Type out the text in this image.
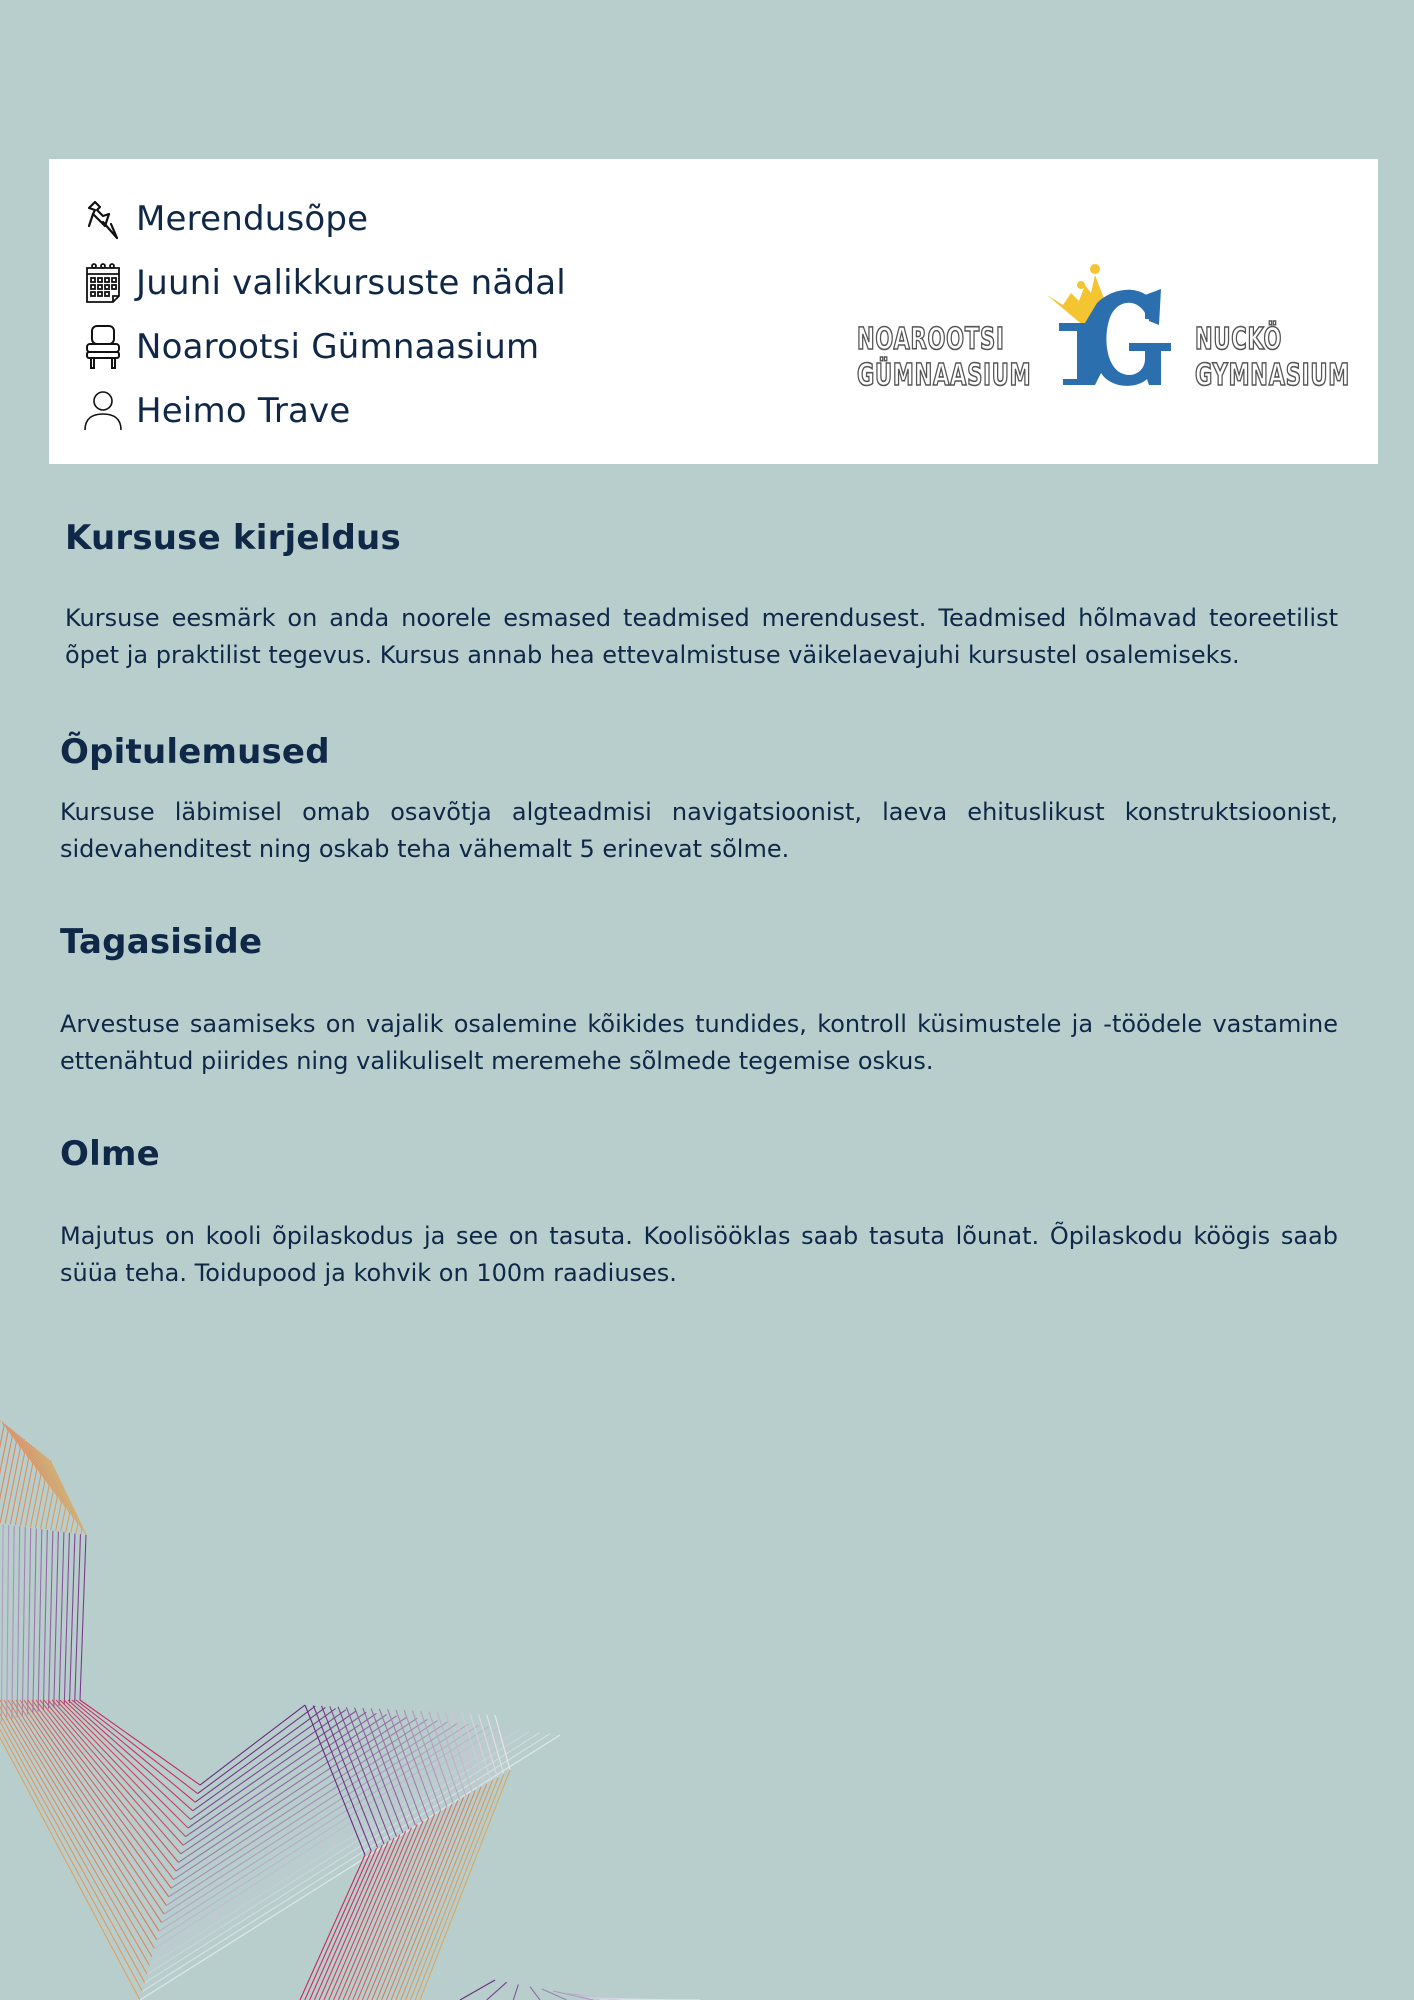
Merendusõpe
Juuni valikkursuste nädal
Noarootsi Gümnaasium
Heimo Trave
NOAROOTSI
GÜMNAASIUM
NUCKÖ
GYMNASIUM
Kursuse kirjeldus

Kursuse eesmärk on anda noorele esmased teadmised merendusest. Teadmised hõlmavad teoreetilist õpet ja praktilist tegevus. Kursus annab hea ettevalmistuse väikelaevajuhi kursustel osalemiseks.

Õpitulemused

Kursuse läbimisel omab osavõtja algteadmisi navigatsioonist, laeva ehituslikust konstruktsioonist, sidevahenditest ning oskab teha vähemalt 5 erinevat sõlme.

Tagasiside

Arvestuse saamiseks on vajalik osalemine kõikides tundides, kontroll küsimustele ja -töödele vastamine ettenähtud piirides ning valikuliselt meremehe sõlmede tegemise oskus.

Olme

Majutus on kooli õpilaskodus ja see on tasuta. Koolisööklas saab tasuta lõunat. Õpilaskodu köögis saab süüa teha. Toidupood ja kohvik on 100m raadiuses.
